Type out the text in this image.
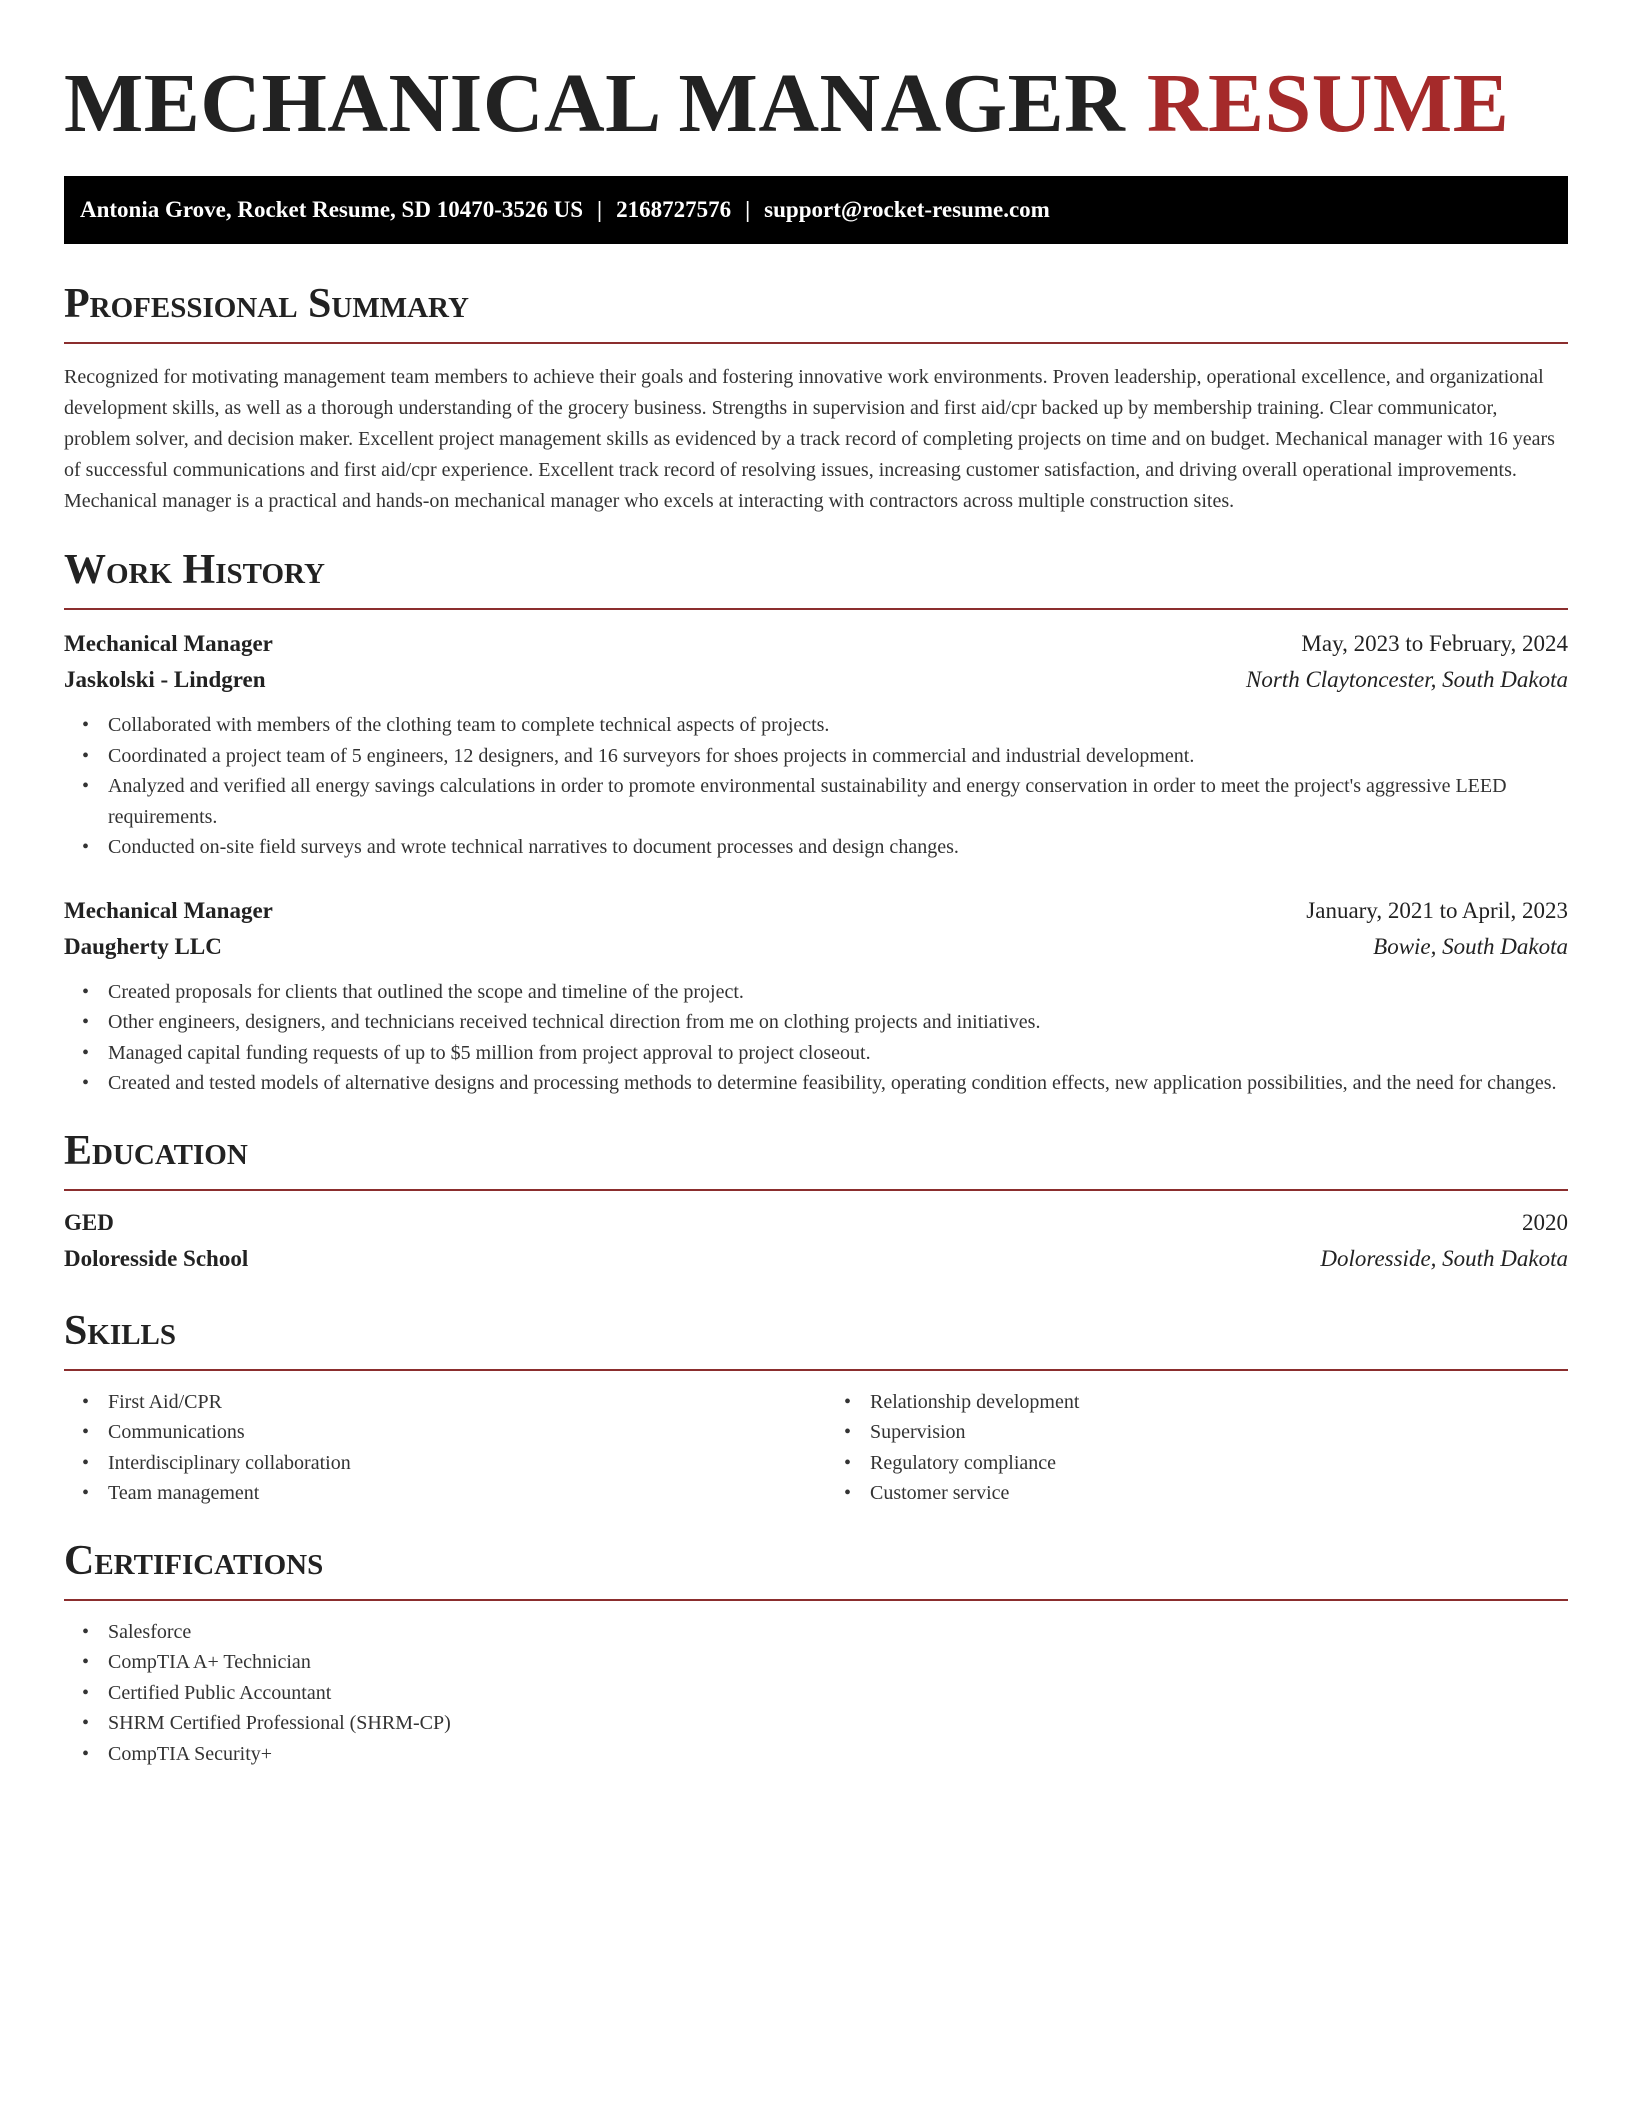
MECHANICAL MANAGER RESUME
Antonia Grove, Rocket Resume, SD 10470-3526 US | 2168727576 | support@rocket-resume.com
Professional Summary

Recognized for motivating management team members to achieve their goals and fostering innovative work environments. Proven leadership, operational excellence, and organizational development skills, as well as a thorough understanding of the grocery business. Strengths in supervision and first aid/cpr backed up by membership training. Clear communicator, problem solver, and decision maker. Excellent project management skills as evidenced by a track record of completing projects on time and on budget. Mechanical manager with 16 years of successful communications and first aid/cpr experience. Excellent track record of resolving issues, increasing customer satisfaction, and driving overall operational improvements. Mechanical manager is a practical and hands-on mechanical manager who excels at interacting with contractors across multiple construction sites.

Work History
Mechanical Manager	May, 2023 to February, 2024
Jaskolski - Lindgren	North Claytoncester, South Dakota
• Collaborated with members of the clothing team to complete technical aspects of projects.
• Coordinated a project team of 5 engineers, 12 designers, and 16 surveyors for shoes projects in commercial and industrial development.
• Analyzed and verified all energy savings calculations in order to promote environmental sustainability and energy conservation in order to meet the project's aggressive LEED requirements.
• Conducted on-site field surveys and wrote technical narratives to document processes and design changes.
Mechanical Manager	January, 2021 to April, 2023
Daugherty LLC	Bowie, South Dakota
• Created proposals for clients that outlined the scope and timeline of the project.
• Other engineers, designers, and technicians received technical direction from me on clothing projects and initiatives.
• Managed capital funding requests of up to $5 million from project approval to project closeout.
• Created and tested models of alternative designs and processing methods to determine feasibility, operating condition effects, new application possibilities, and the need for changes.
Education
GED	2020
Doloresside School	Doloresside, South Dakota
Skills
• First Aid/CPR
• Communications
• Interdisciplinary collaboration
• Team management
• Relationship development
• Supervision
• Regulatory compliance
• Customer service
Certifications
• Salesforce
• CompTIA A+ Technician
• Certified Public Accountant
• SHRM Certified Professional (SHRM-CP)
• CompTIA Security+
